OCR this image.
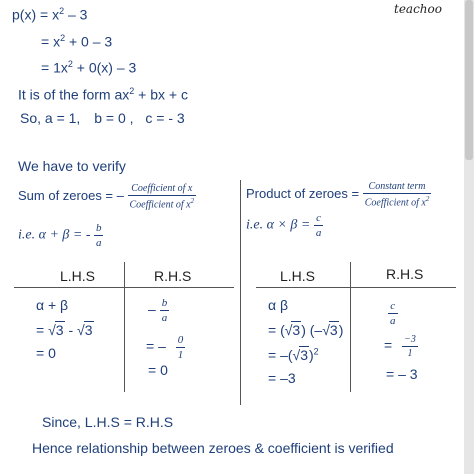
teachoo
$p(x) = x^2 - 3$
= $x^2 + 0 - 3$
= $1x^2 + 0(x) - 3$
It is of the form $ax^2$ + bx + c
So, a = 1, b = 0 , c = - 3
We have to verify
Sum of zeroes = – $\frac{\text{Coefficient of x}}{Coefficient of x^2}$
i.e. α + β = - $\frac{b}{a}$
Product of zeroes = $\frac{\text{Constant term}}{Coefficient of x^2}$
i.e. $\alpha \times \beta = \frac{c}{a}$
L.H.S	R.H.S
α + β
= √3 - √3
= 0
– $\frac{b}{a}$
= – $\frac{0}{1}$
= 0
L.H.S	R.H.S
α β
= (√3) (–√3)
= $-(√3)^2$
= –3
$\frac{c}{a}$
= $\frac{-3}{1}$
= – 3
Since, L.H.S = R.H.S
Hence relationship between zeroes & coefficient is verified
